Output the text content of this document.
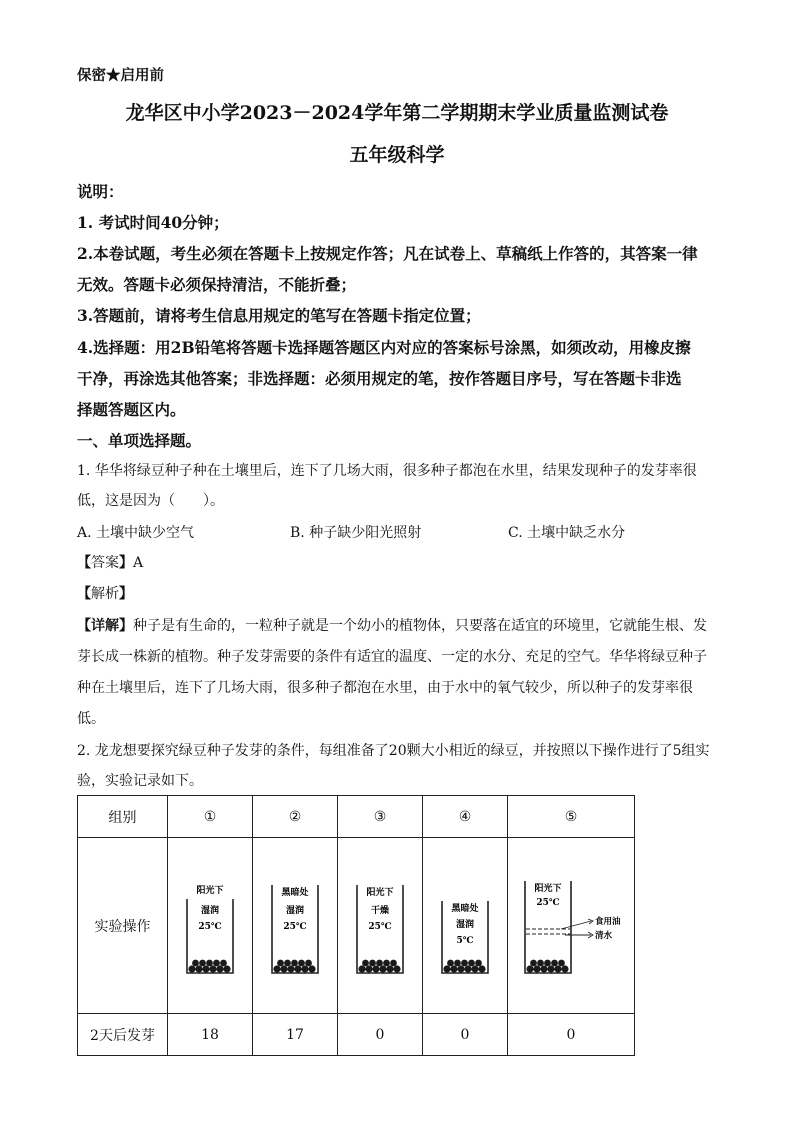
保密★启用前
龙华区中小学2023－2024学年第二学期期末学业质量监测试卷
五年级科学
说明：
1. 考试时间40分钟；
2.本卷试题，考生必须在答题卡上按规定作答；凡在试卷上、草稿纸上作答的，其答案一律
无效。答题卡必须保持清洁，不能折叠；
3.答题前，请将考生信息用规定的笔写在答题卡指定位置；
4.选择题：用2B铅笔将答题卡选择题答题区内对应的答案标号涂黑，如须改动，用橡皮擦
干净，再涂选其他答案；非选择题：必须用规定的笔，按作答题目序号，写在答题卡非选
择题答题区内。
一、单项选择题。
1. 华华将绿豆种子种在土壤里后，连下了几场大雨，很多种子都泡在水里，结果发现种子的发芽率很
低，这是因为（　　）。
A. 土壤中缺少空气	B. 种子缺少阳光照射	C. 土壤中缺乏水分
【答案】A
【解析】
【详解】种子是有生命的，一粒种子就是一个幼小的植物体，只要落在适宜的环境里，它就能生根、发
芽长成一株新的植物。种子发芽需要的条件有适宜的温度、一定的水分、充足的空气。华华将绿豆种子
种在土壤里后，连下了几场大雨，很多种子都泡在水里，由于水中的氧气较少，所以种子的发芽率很
低。
2. 龙龙想要探究绿豆种子发芽的条件，每组准备了20颗大小相近的绿豆，并按照以下操作进行了5组实
验，实验记录如下。
组别	①	②	③	④	⑤
实验操作	阳光下
湿润
25℃	黑暗处
湿润
25℃	阳光下
干燥
25℃	黑暗处
湿润
5℃	阳光下
25℃
食用油
清水

2天后发芽	18	17	0	0	0
